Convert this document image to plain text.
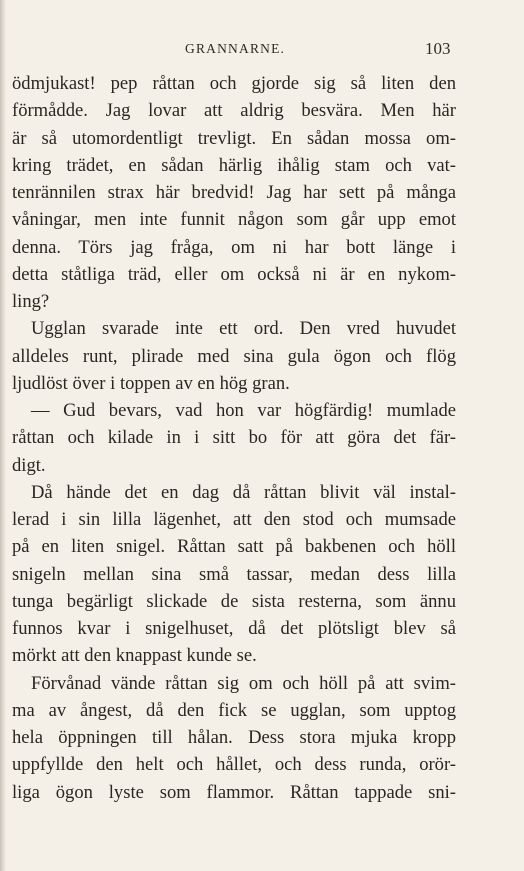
GRANNARNE.	103
ödmjukast! pep råttan och gjorde sig så liten den
förmådde. Jag lovar att aldrig besvära. Men här
är så utomordentligt trevligt. En sådan mossa om-
kring trädet, en sådan härlig ihålig stam och vat-
tenrännilen strax här bredvid! Jag har sett på många
våningar, men inte funnit någon som går upp emot
denna. Törs jag fråga, om ni har bott länge i
detta ståtliga träd, eller om också ni är en nykom-
ling?
Ugglan svarade inte ett ord. Den vred huvudet
alldeles runt, plirade med sina gula ögon och flög
ljudlöst över i toppen av en hög gran.
— Gud bevars, vad hon var högfärdig! mumlade
råttan och kilade in i sitt bo för att göra det fär-
digt.
Då hände det en dag då råttan blivit väl instal-
lerad i sin lilla lägenhet, att den stod och mumsade
på en liten snigel. Råttan satt på bakbenen och höll
snigeln mellan sina små tassar, medan dess lilla
tunga begärligt slickade de sista resterna, som ännu
funnos kvar i snigelhuset, då det plötsligt blev så
mörkt att den knappast kunde se.
Förvånad vände råttan sig om och höll på att svim-
ma av ångest, då den fick se ugglan, som upptog
hela öppningen till hålan. Dess stora mjuka kropp
uppfyllde den helt och hållet, och dess runda, orör-
liga ögon lyste som flammor. Råttan tappade sni-
